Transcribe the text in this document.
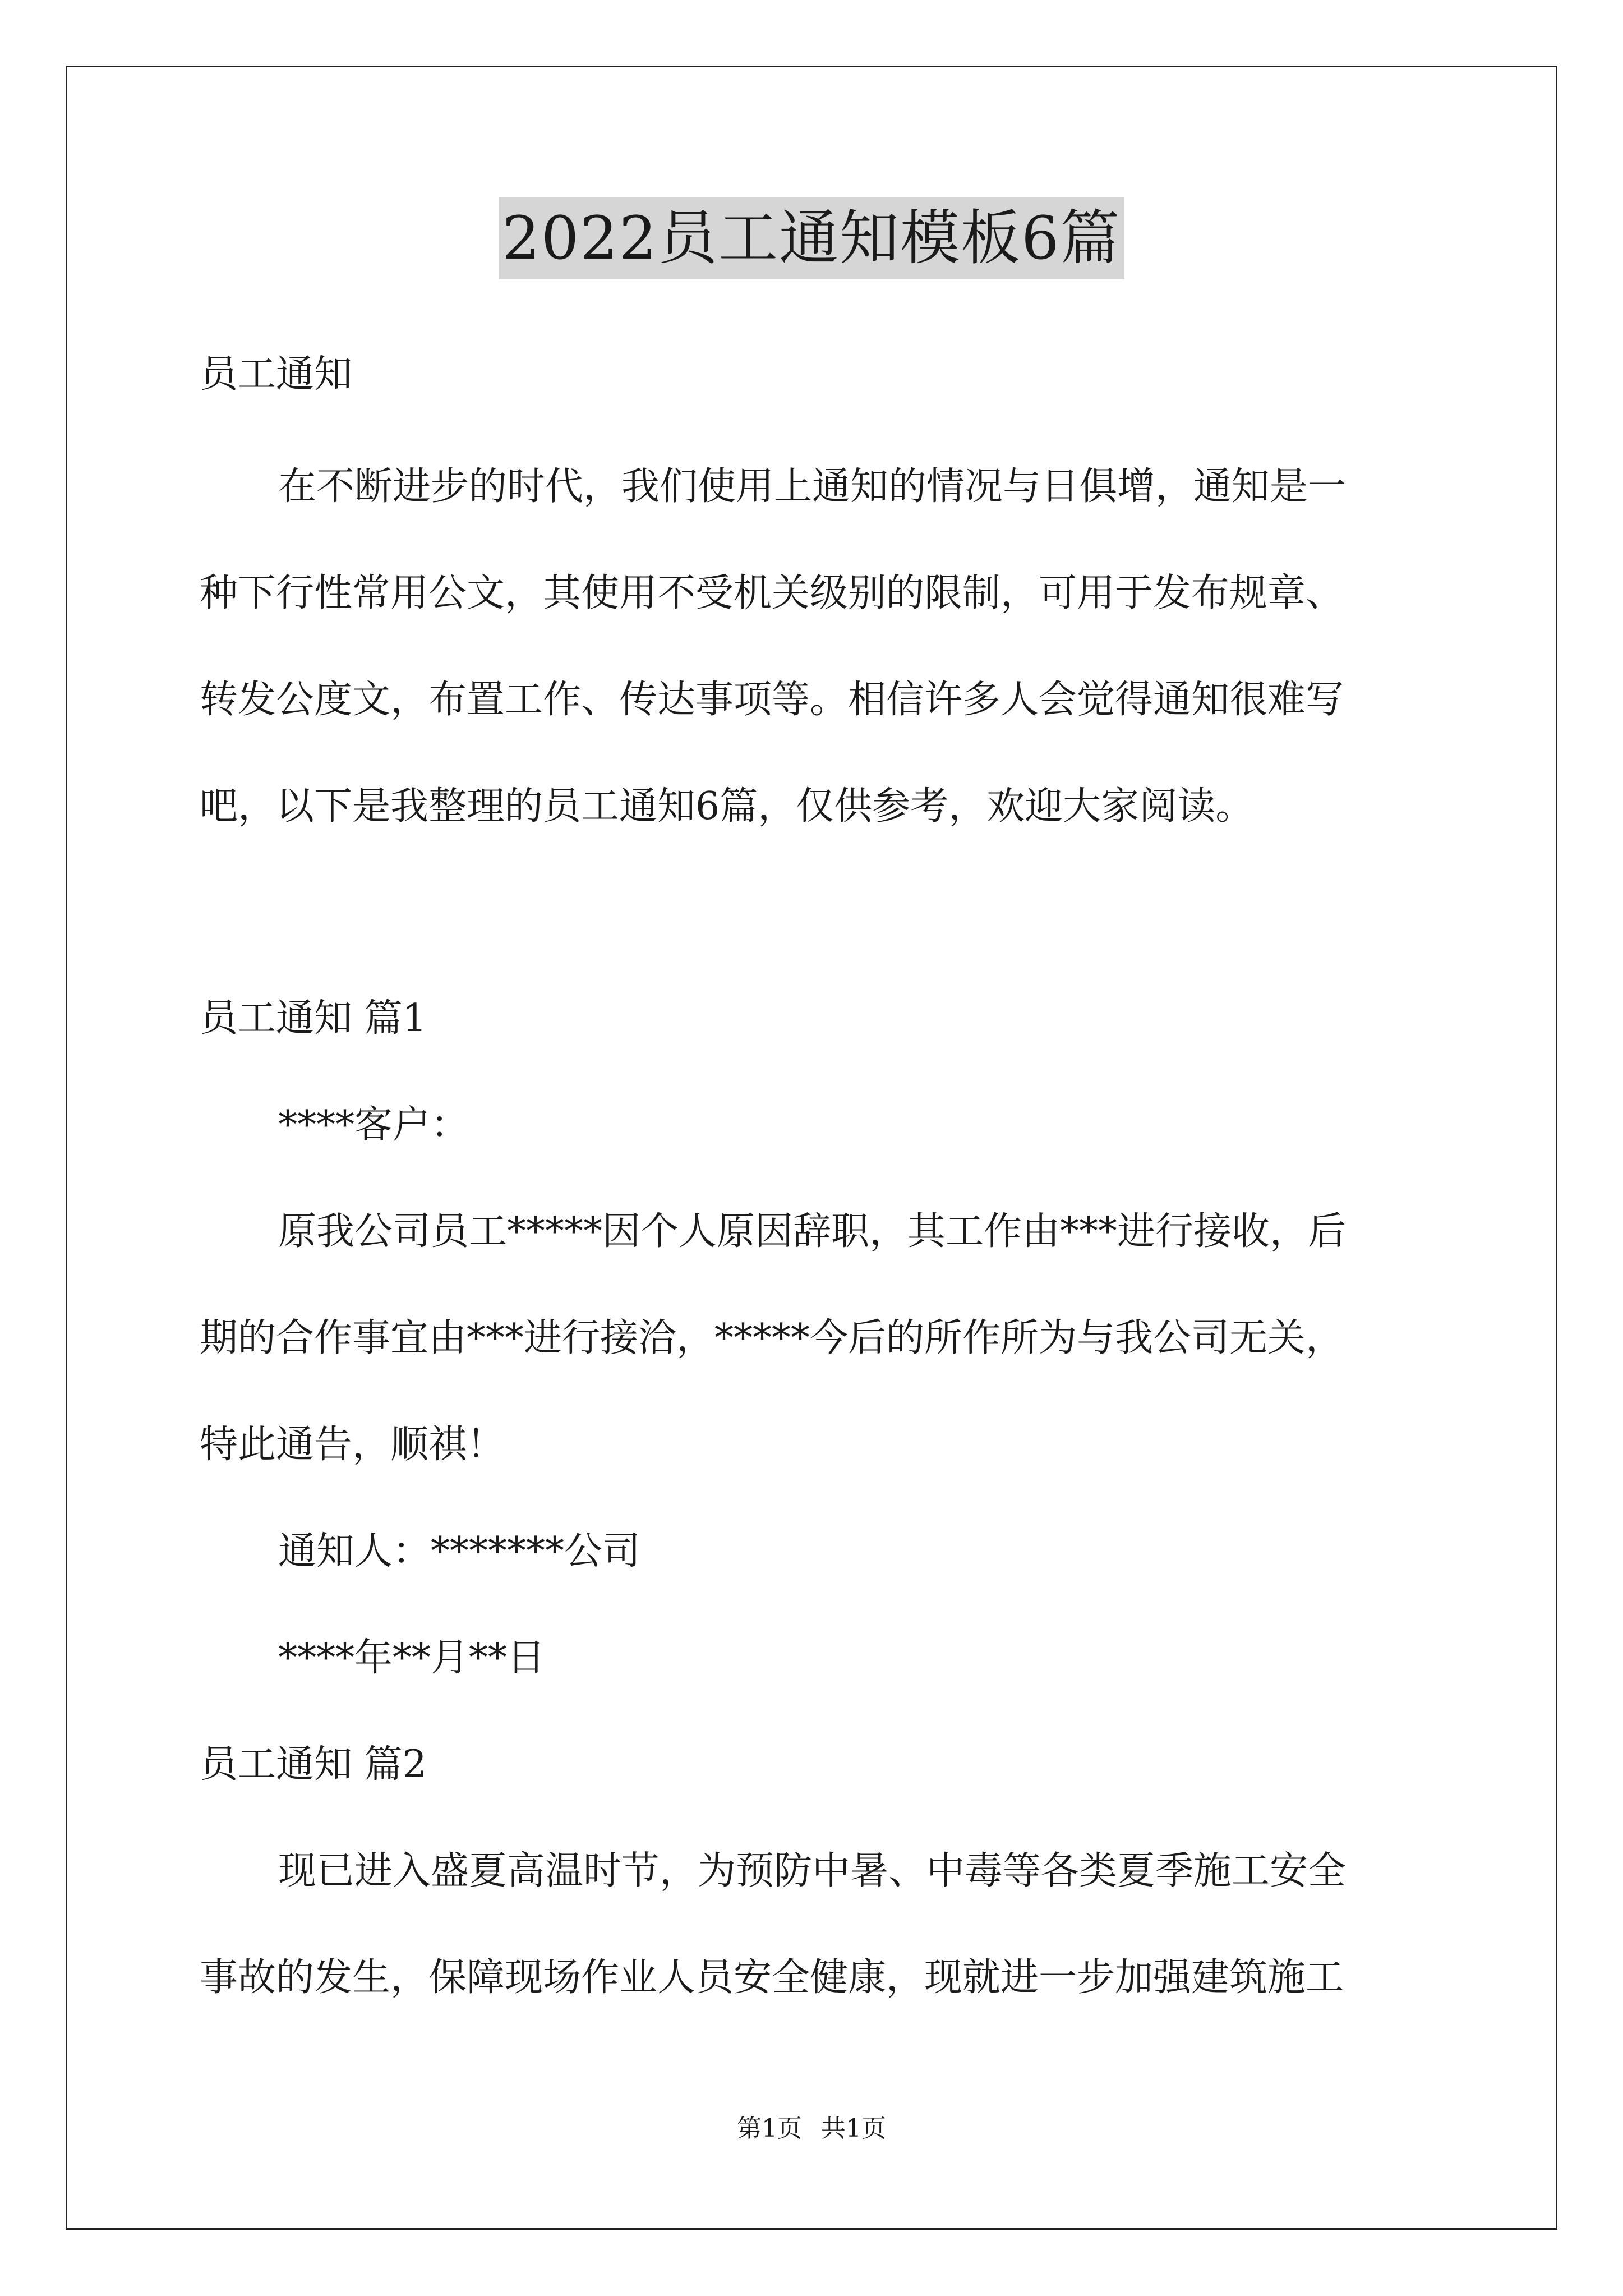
2022员工通知模板6篇

员工通知

在不断进步的时代，我们使用上通知的情况与日俱增，通知是一

种下行性常用公文，其使用不受机关级别的限制，可用于发布规章、

转发公度文，布置工作、传达事项等。相信许多人会觉得通知很难写

吧，以下是我整理的员工通知6篇，仅供参考，欢迎大家阅读。

员工通知 篇1

****客户：

原我公司员工*****因个人原因辞职，其工作由***进行接收，后

期的合作事宜由***进行接洽，*****今后的所作所为与我公司无关，

特此通告，顺祺！

通知人：*******公司

****年**月**日

员工通知 篇2

现已进入盛夏高温时节，为预防中暑、中毒等各类夏季施工安全

事故的发生，保障现场作业人员安全健康，现就进一步加强建筑施工

第1页 共1页
